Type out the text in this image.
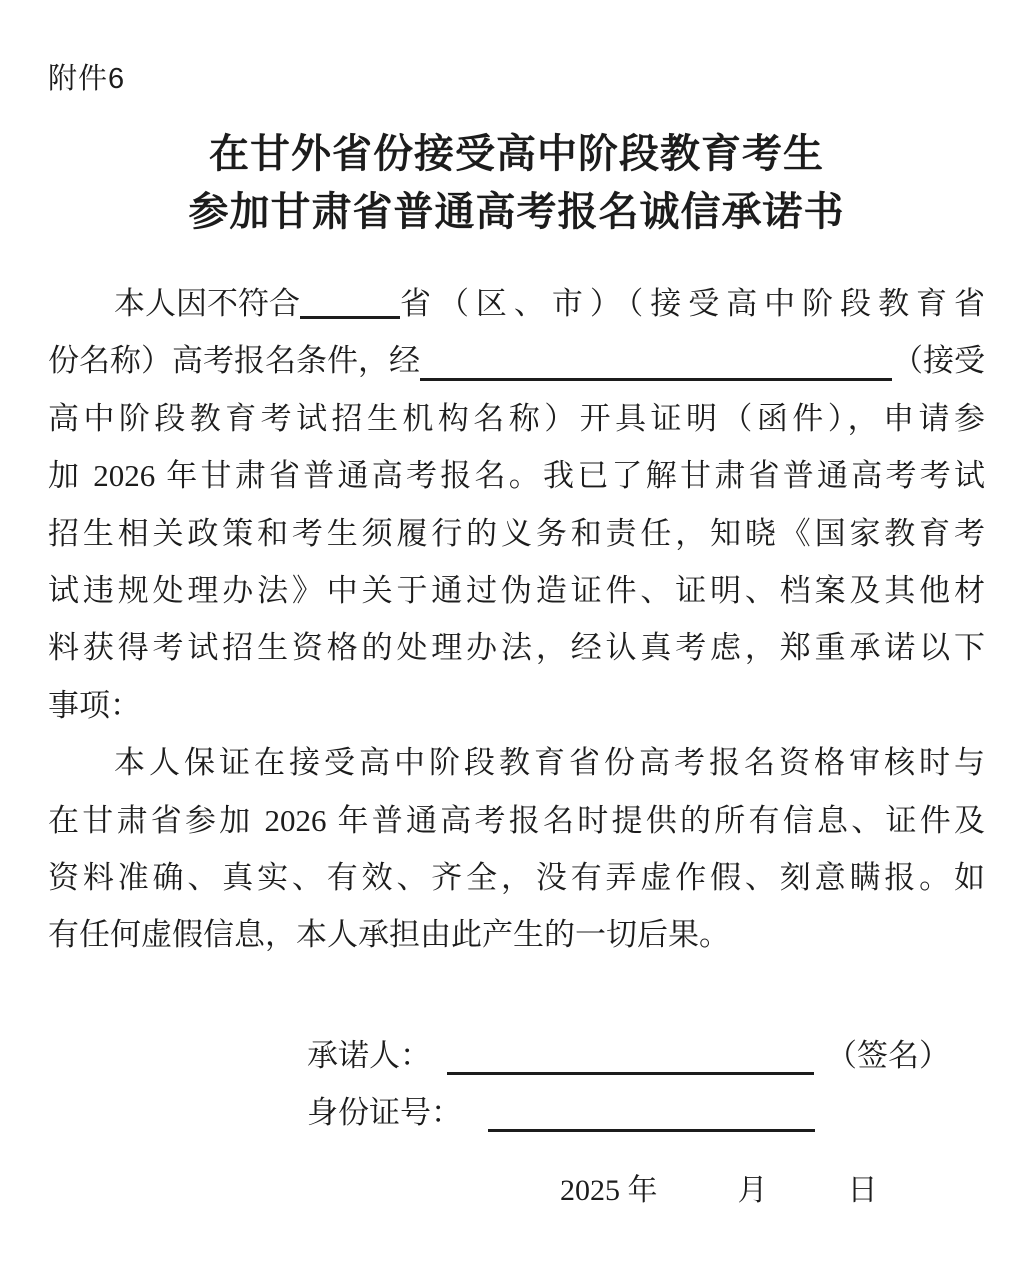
附件6
在甘外省份接受高中阶段教育考生
参加甘肃省普通高考报名诚信承诺书
本人因不符合	省（区、市）（接受高中阶段教育省
份名称）高考报名条件，经	（接受
高中阶段教育考试招生机构名称）开具证明（函件），申请参
加 2026 年甘肃省普通高考报名。我已了解甘肃省普通高考考试
招生相关政策和考生须履行的义务和责任，知晓《国家教育考
试违规处理办法》中关于通过伪造证件、证明、档案及其他材
料获得考试招生资格的处理办法，经认真考虑，郑重承诺以下
事项：
本人保证在接受高中阶段教育省份高考报名资格审核时与
在甘肃省参加 2026 年普通高考报名时提供的所有信息、证件及
资料准确、真实、有效、齐全，没有弄虚作假、刻意瞒报。如
有任何虚假信息，本人承担由此产生的一切后果。
承诺人：	（签名）
身份证号：
2025 年	月	日
